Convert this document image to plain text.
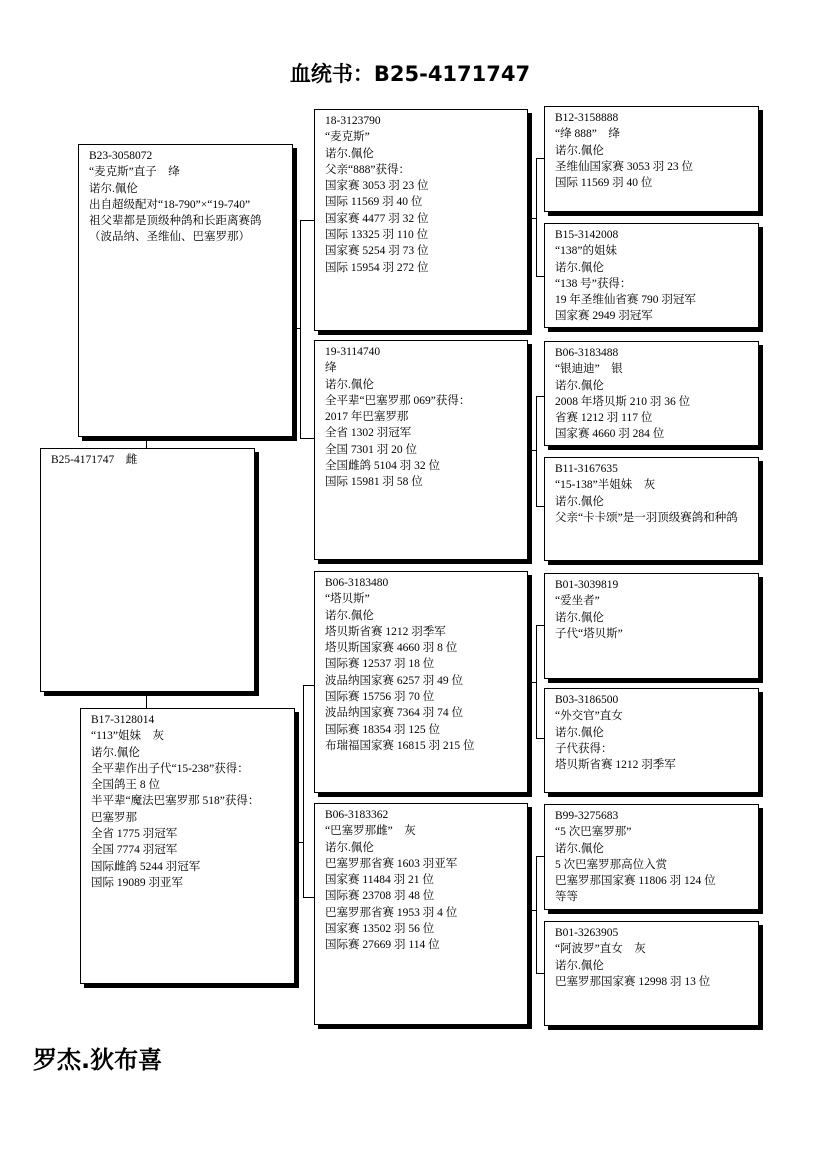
血统书：B25-4171747
B23-3058072
“麦克斯”直子　绛
诺尔.佩伦
出自超级配对“18-790”×“19-740”
祖父辈都是顶级种鸽和长距离赛鸽
（波品纳、圣维仙、巴塞罗那）
B25-4171747　雌
B17-3128014
“113”姐妹　灰
诺尔.佩伦
全平辈作出子代“15-238”获得：
全国鸽王 8 位
半平辈“魔法巴塞罗那 518”获得：
巴塞罗那
全省 1775 羽冠军
全国 7774 羽冠军
国际雌鸽 5244 羽冠军
国际 19089 羽亚军
18-3123790
“麦克斯”
诺尔.佩伦
父亲“888”获得：
国家赛 3053 羽 23 位
国际 11569 羽 40 位
国家赛 4477 羽 32 位
国际 13325 羽 110 位
国家赛 5254 羽 73 位
国际 15954 羽 272 位
19-3114740
绛
诺尔.佩伦
全平辈“巴塞罗那 069”获得：
2017 年巴塞罗那
全省 1302 羽冠军
全国 7301 羽 20 位
全国雌鸽 5104 羽 32 位
国际 15981 羽 58 位
B06-3183480
“塔贝斯”
诺尔.佩伦
塔贝斯省赛 1212 羽季军
塔贝斯国家赛 4660 羽 8 位
国际赛 12537 羽 18 位
波品纳国家赛 6257 羽 49 位
国际赛 15756 羽 70 位
波品纳国家赛 7364 羽 74 位
国际赛 18354 羽 125 位
布瑞福国家赛 16815 羽 215 位
B06-3183362
“巴塞罗那雌”　灰
诺尔.佩伦
巴塞罗那省赛 1603 羽亚军
国家赛 11484 羽 21 位
国际赛 23708 羽 48 位
巴塞罗那省赛 1953 羽 4 位
国家赛 13502 羽 56 位
国际赛 27669 羽 114 位
B12-3158888
“绛 888”　绛
诺尔.佩伦
圣维仙国家赛 3053 羽 23 位
国际 11569 羽 40 位
B15-3142008
“138”的姐妹
诺尔.佩伦
“138 号”获得：
19 年圣维仙省赛 790 羽冠军
国家赛 2949 羽冠军
B06-3183488
“银迪迪”　银
诺尔.佩伦
2008 年塔贝斯 210 羽 36 位
省赛 1212 羽 117 位
国家赛 4660 羽 284 位
B11-3167635
“15-138”半姐妹　灰
诺尔.佩伦
父亲“卡卡颂”是一羽顶级赛鸽和种鸽
B01-3039819
“爱坐者”
诺尔.佩伦
子代“塔贝斯”
B03-3186500
“外交官”直女
诺尔.佩伦
子代获得：
塔贝斯省赛 1212 羽季军
B99-3275683
“5 次巴塞罗那”
诺尔.佩伦
5 次巴塞罗那高位入赏
巴塞罗那国家赛 11806 羽 124 位
等等
B01-3263905
“阿波罗”直女　灰
诺尔.佩伦
巴塞罗那国家赛 12998 羽 13 位
罗杰.狄布喜
